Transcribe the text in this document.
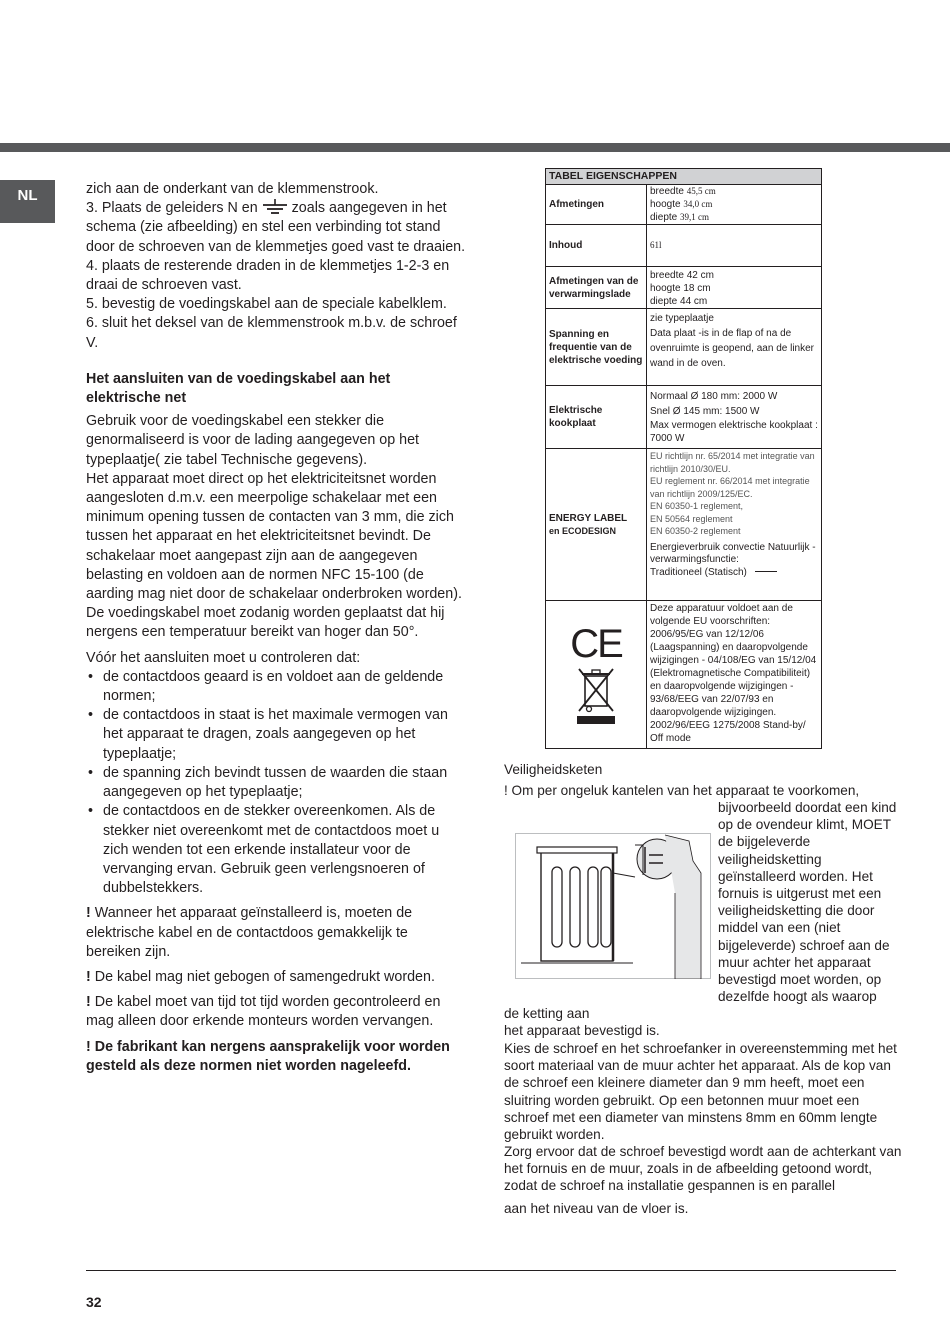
NL	zich aan de onderkant van de klemmenstrook.

3. Plaats de geleiders N en zoals aangegeven in het schema (zie afbeelding) en stel een verbinding tot stand door de schroeven van de klemmetjes goed vast te draaien.

4. plaats de resterende draden in de klemmetjes 1-2-3 en draai de schroeven vast.

5. bevestig de voedingskabel aan de speciale kabelklem.

6. sluit het deksel van de klemmenstrook m.b.v. de schroef V.

Het aansluiten van de voedingskabel aan het elektrische net

Gebruik voor de voedingskabel een stekker die genormaliseerd is voor de lading aangegeven op het typeplaatje( zie tabel Technische gegevens).

Het apparaat moet direct op het elektriciteitsnet worden aangesloten d.m.v. een meerpolige schakelaar met een minimum opening tussen de contacten van 3 mm, die zich tussen het apparaat en het elektriciteitsnet bevindt. De schakelaar moet aangepast zijn aan de aangegeven belasting en voldoen aan de normen NFC 15-100 (de aarding mag niet door de schakelaar onderbroken worden). De voedingskabel moet zodanig worden geplaatst dat hij nergens een temperatuur bereikt van hoger dan 50°.

Vóór het aansluiten moet u controleren dat:

• de contactdoos geaard is en voldoet aan de geldende normen;
• de contactdoos in staat is het maximale vermogen van het apparaat te dragen, zoals aangegeven op het typeplaatje;
• de spanning zich bevindt tussen de waarden die staan aangegeven op het typeplaatje;
• de contactdoos en de stekker overeenkomen. Als de stekker niet overeenkomt met de contactdoos moet u zich wenden tot een erkende installateur voor de vervanging ervan. Gebruik geen verlengsnoeren of dubbelstekkers.

! Wanneer het apparaat geïnstalleerd is, moeten de elektrische kabel en de contactdoos gemakkelijk te bereiken zijn.

! De kabel mag niet gebogen of samengedrukt worden.

! De kabel moet van tijd tot tijd worden gecontroleerd en mag alleen door erkende monteurs worden vervangen.

! De fabrikant kan nergens aansprakelijk voor worden gesteld als deze normen niet worden nageleefd.

TABEL EIGENSCHAPPEN
Afmetingen
breedte 45,5 cm
hoogte 34,0 cm
diepte 39,1 cm
Inhoud	61l
Afmetingen van de verwarmingslade
breedte 42 cm
hoogte 18 cm
diepte 44 cm
Spanning en frequentie van de elektrische voeding
zie typeplaatje
Data plaat -is in de flap of na de ovenruimte is geopend, aan de linker wand in de oven.
Elektrische kookplaat
Normaal Ø 180 mm: 2000 W
Snel Ø 145 mm: 1500 W
Max vermogen elektrische kookplaat : 7000 W
ENERGY LABEL
en ECODESIGN
EU richtlijn nr. 65/2014 met integratie van richtlijn 2010/30/EU.
EU reglement nr. 66/2014 met integratie van richtlijn 2009/125/EC.
EN 60350-1 reglement,
EN 50564 reglement
EN 60350-2 reglement
Energieverbruik convectie Natuurlijk - verwarmingsfunctie:
Traditioneel (Statisch)
CE
Deze apparatuur voldoet aan de volgende EU voorschriften: 2006/95/EG van 12/12/06 (Laagspanning) en daaropvolgende wijzigingen - 04/108/EG van 15/12/04 (Elektromagnetische Compatibiliteit) en daaropvolgende wijzigingen - 93/68/EEG van 22/07/93 en daaropvolgende wijzigingen. 2002/96/EEG 1275/2008 Stand-by/ Off mode
Veiligheidsketen
! Om per ongeluk kantelen van het apparaat te voorkomen,
bijvoorbeeld doordat een kind op de ovendeur klimt, MOET de bijgeleverde veiligheidsketting geïnstalleerd worden. Het fornuis is uitgerust met een veiligheidsketting die door middel van een (niet bijgeleverde) schroef aan de muur achter het apparaat bevestigd moet worden, op dezelfde hoogt als waarop
de ketting aan
het apparaat bevestigd is.
Kies de schroef en het schroefanker in overeenstemming met het soort materiaal van de muur achter het apparaat. Als de kop van de schroef een kleinere diameter dan 9 mm heeft, moet een sluitring worden gebruikt. Op een betonnen muur moet een schroef met een diameter van minstens 8mm en 60mm lengte gebruikt worden.
Zorg ervoor dat de schroef bevestigd wordt aan de achterkant van het fornuis en de muur, zoals in de afbeelding getoond wordt, zodat de schroef na installatie gespannen is en parallel
aan het niveau van de vloer is.
32
